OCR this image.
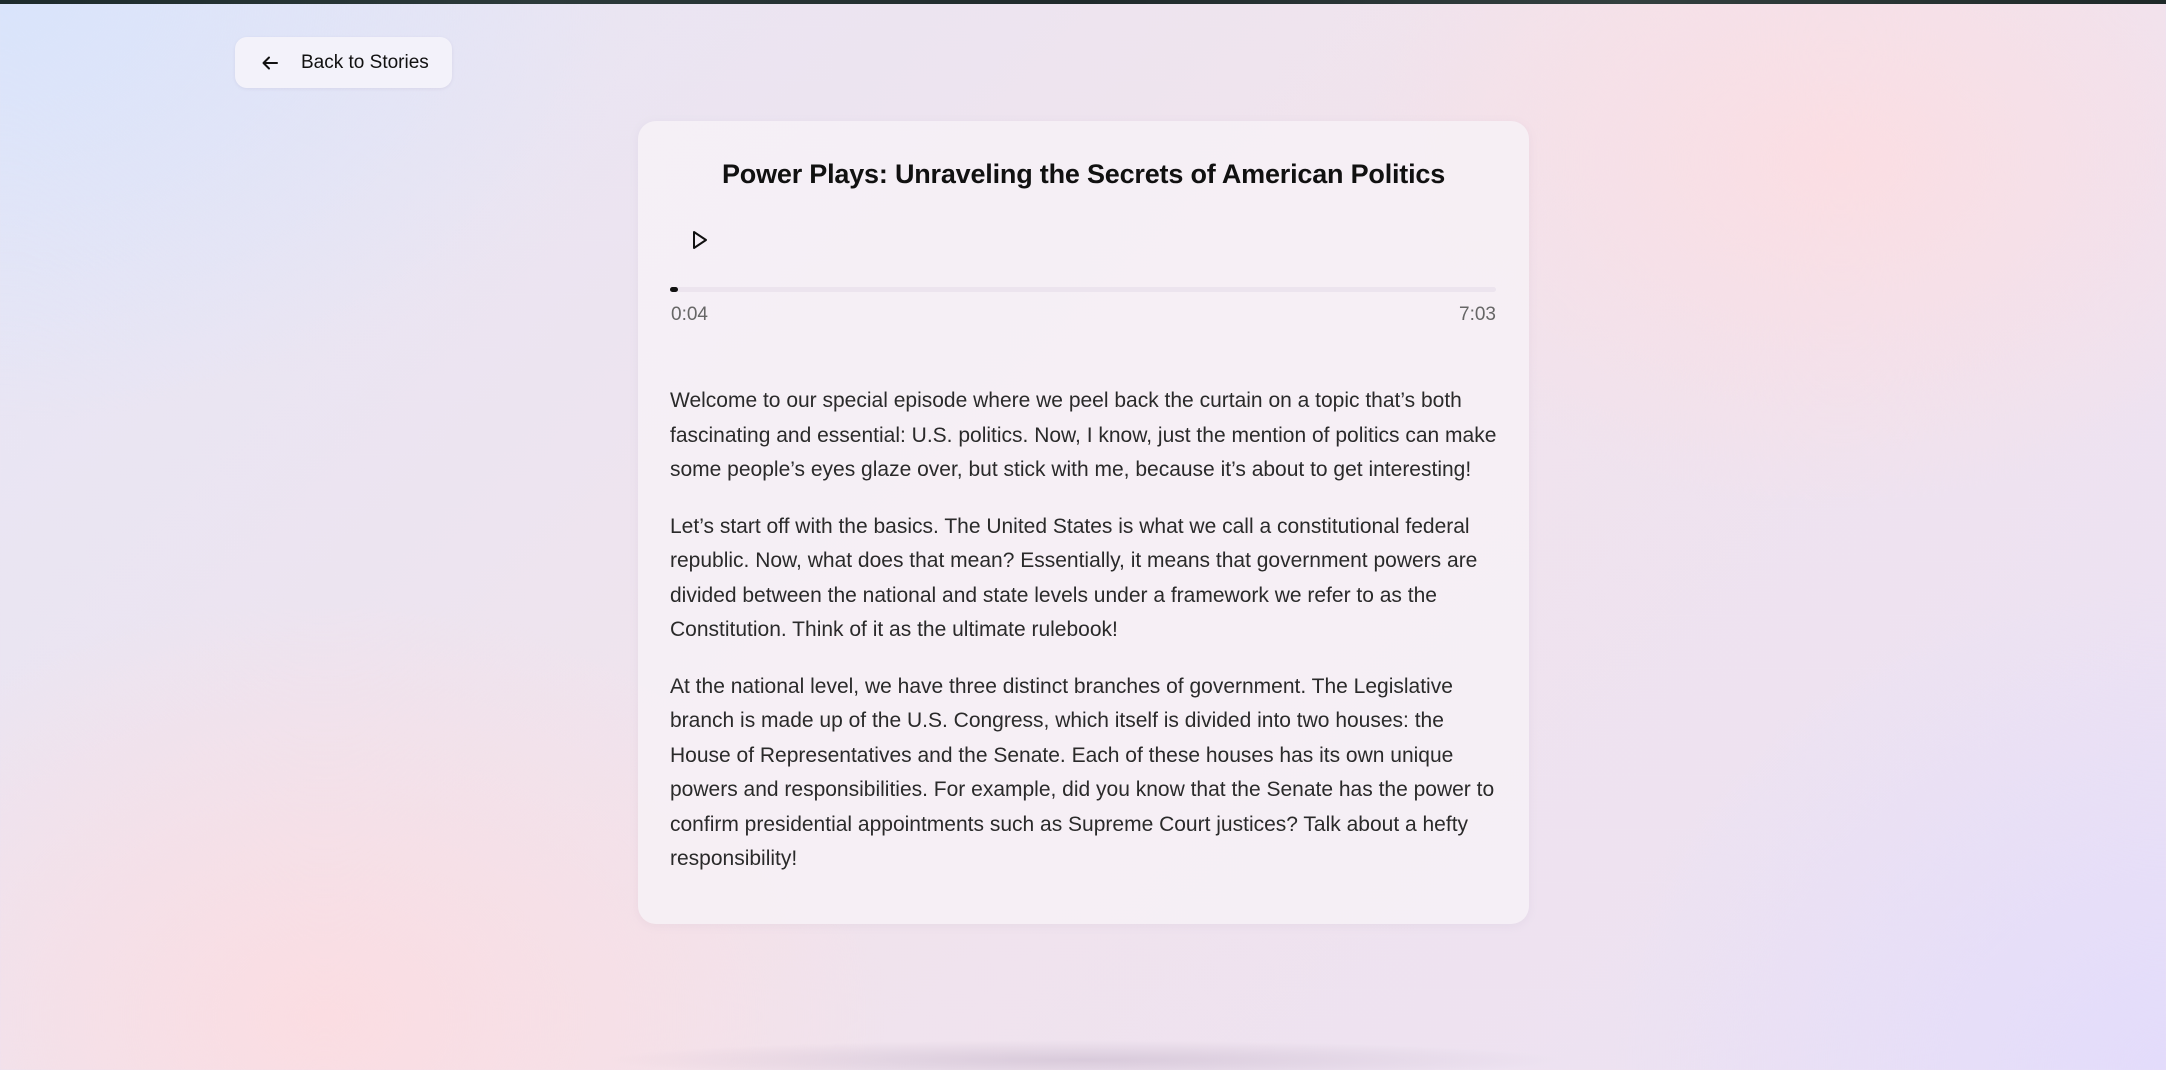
Back to Stories
Power Plays: Unraveling the Secrets of American Politics
0:04	7:03

Welcome to our special episode where we peel back the curtain on a topic that’s both fascinating and essential: U.S. politics. Now, I know, just the mention of politics can make some people’s eyes glaze over, but stick with me, because it’s about to get interesting!

Let’s start off with the basics. The United States is what we call a constitutional federal republic. Now, what does that mean? Essentially, it means that government powers are divided between the national and state levels under a framework we refer to as the Constitution. Think of it as the ultimate rulebook!

At the national level, we have three distinct branches of government. The Legislative branch is made up of the U.S. Congress, which itself is divided into two houses: the House of Representatives and the Senate. Each of these houses has its own unique powers and responsibilities. For example, did you know that the Senate has the power to confirm presidential appointments such as Supreme Court justices? Talk about a hefty responsibility!
